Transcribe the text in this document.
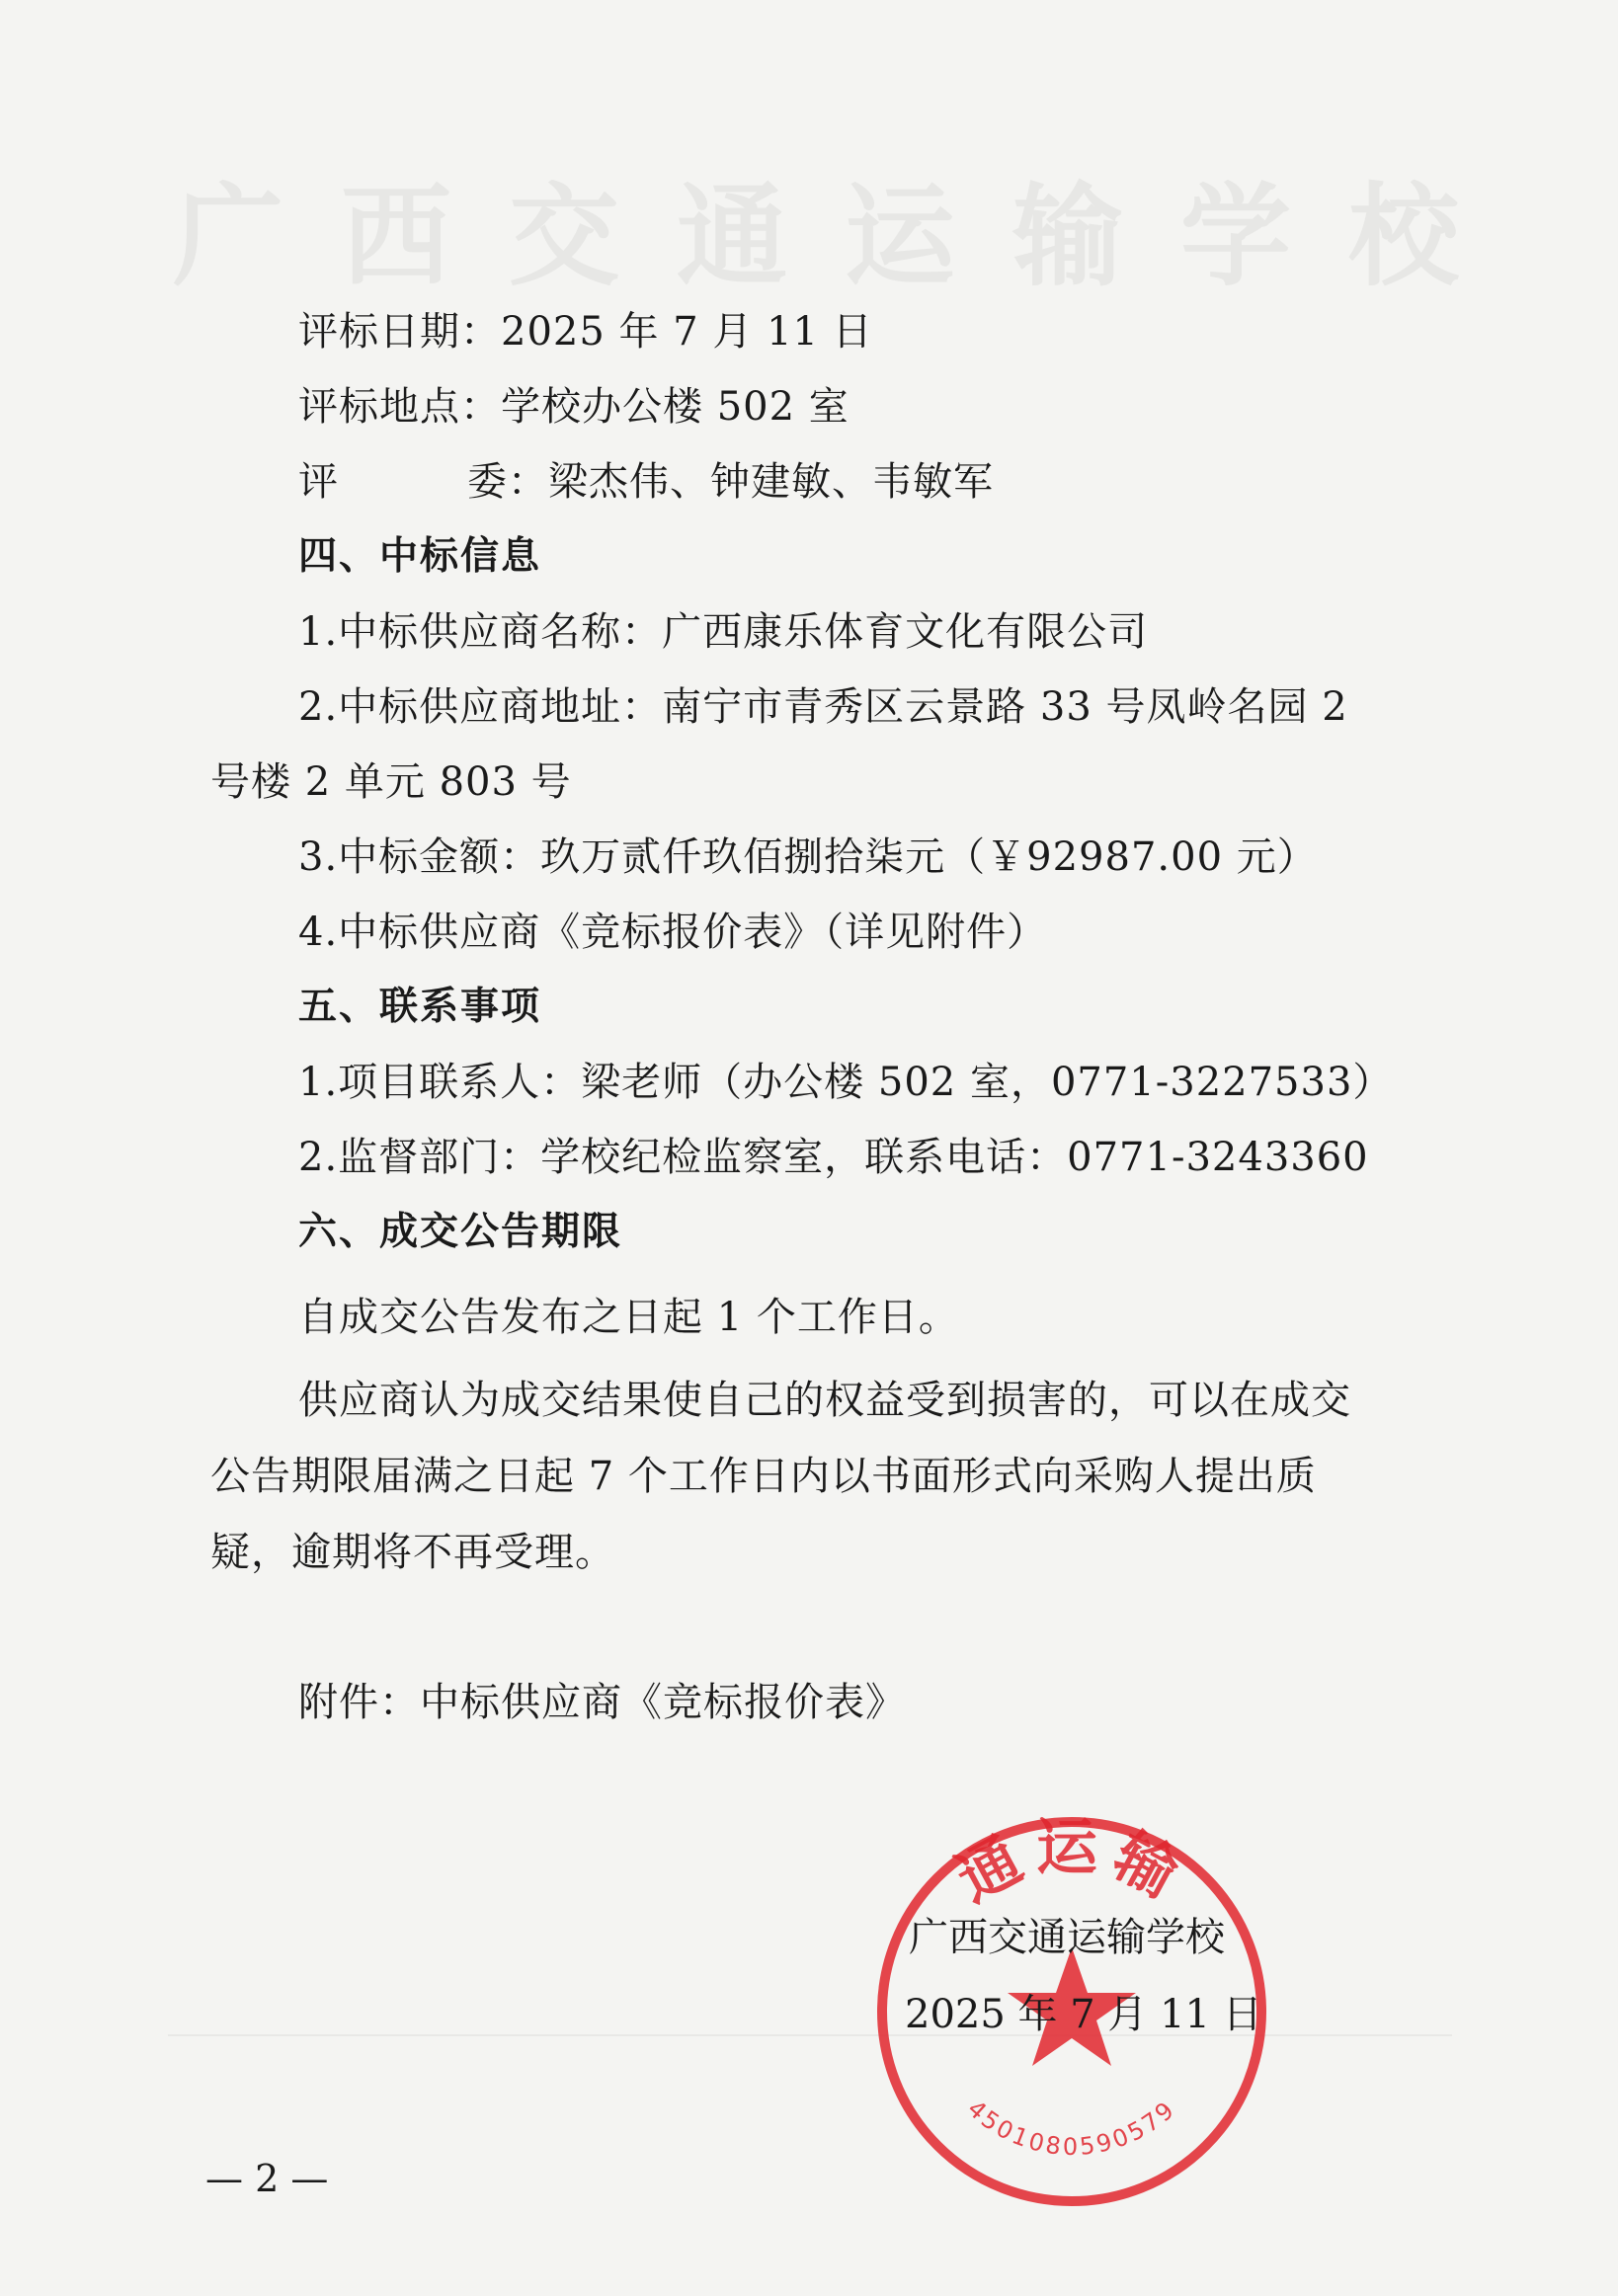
广西交通运输学校
评标日期：2025 年 7 月 11 日
评标地点：学校办公楼 502 室
评	委：梁杰伟、钟建敏、韦敏军
四、中标信息
1.中标供应商名称：广西康乐体育文化有限公司
2.中标供应商地址：南宁市青秀区云景路 33 号凤岭名园 2
号楼 2 单元 803 号
3.中标金额：玖万贰仟玖佰捌拾柒元（￥92987.00 元）
4.中标供应商《竞标报价表》（详见附件）
五、联系事项
1.项目联系人：梁老师（办公楼 502 室，0771-3227533）
2.监督部门：学校纪检监察室，联系电话：0771-3243360
六、成交公告期限
自成交公告发布之日起 1 个工作日。
供应商认为成交结果使自己的权益受到损害的，可以在成交
公告期限届满之日起 7 个工作日内以书面形式向采购人提出质
疑，逾期将不再受理。
附件：中标供应商《竞标报价表》
通运输
4501080590579
广西交通运输学校
2025 年 7 月 11 日
— 2 —
